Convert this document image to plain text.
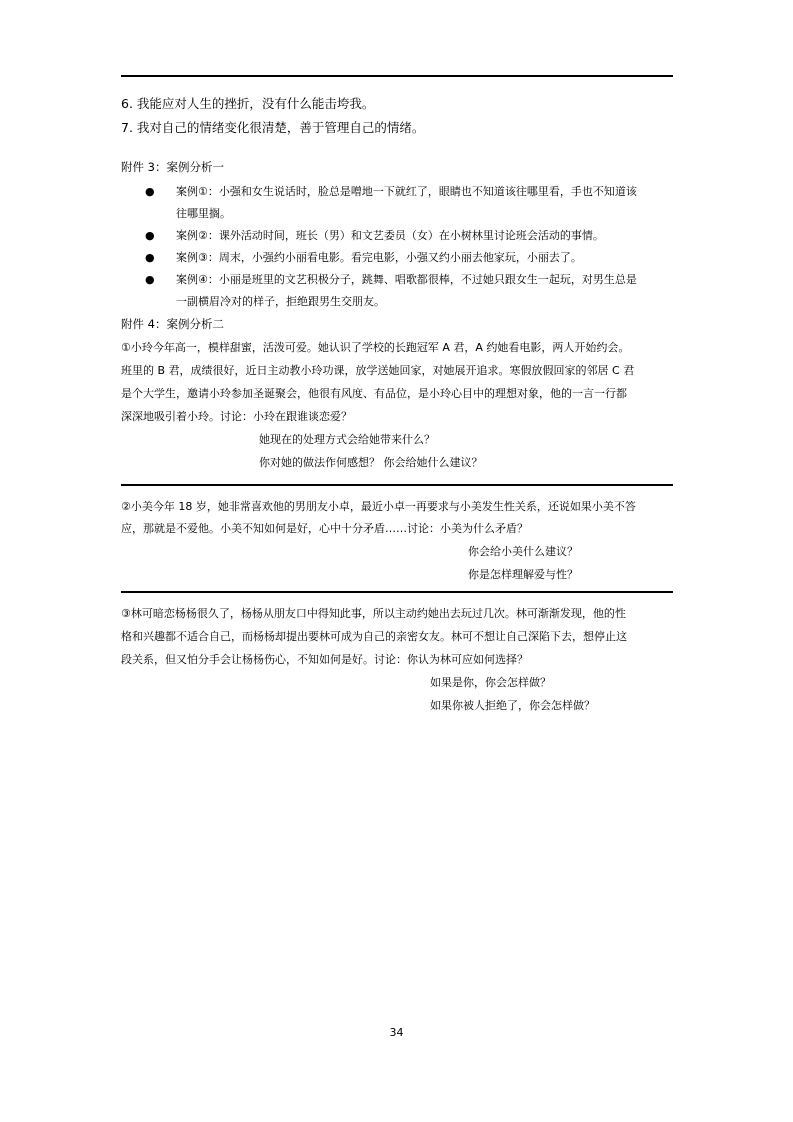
6. 我能应对人生的挫折，没有什么能击垮我。
7. 我对自己的情绪变化很清楚，善于管理自己的情绪。
附件 3：案例分析一
● 案例①：小强和女生说话时，脸总是噌地一下就红了，眼睛也不知道该往哪里看，手也不知道该
往哪里搁。
● 案例②：课外活动时间，班长（男）和文艺委员（女）在小树林里讨论班会活动的事情。
● 案例③：周末，小强约小丽看电影。看完电影，小强又约小丽去他家玩，小丽去了。
● 案例④：小丽是班里的文艺积极分子，跳舞、唱歌都很棒，不过她只跟女生一起玩，对男生总是
一副横眉冷对的样子，拒绝跟男生交朋友。
附件 4：案例分析二
①小玲今年高一，模样甜蜜，活泼可爱。她认识了学校的长跑冠军 A 君，A 约她看电影，两人开始约会。
班里的 B 君，成绩很好，近日主动教小玲功课，放学送她回家，对她展开追求。寒假放假回家的邻居 C 君
是个大学生，邀请小玲参加圣诞聚会，他很有风度、有品位，是小玲心目中的理想对象，他的一言一行都
深深地吸引着小玲。讨论：小玲在跟谁谈恋爱？
她现在的处理方式会给她带来什么？
你对她的做法作何感想？ 你会给她什么建议？
②小美今年 18 岁，她非常喜欢他的男朋友小卓，最近小卓一再要求与小美发生性关系，还说如果小美不答
应，那就是不爱他。小美不知如何是好，心中十分矛盾……讨论：小美为什么矛盾？
你会给小美什么建议？
你是怎样理解爱与性？
③林可暗恋杨杨很久了，杨杨从朋友口中得知此事，所以主动约她出去玩过几次。林可渐渐发现，他的性
格和兴趣都不适合自己，而杨杨却提出要林可成为自己的亲密女友。林可不想让自己深陷下去，想停止这
段关系，但又怕分手会让杨杨伤心，不知如何是好。讨论：你认为林可应如何选择？
如果是你，你会怎样做？
如果你被人拒绝了，你会怎样做？
34
